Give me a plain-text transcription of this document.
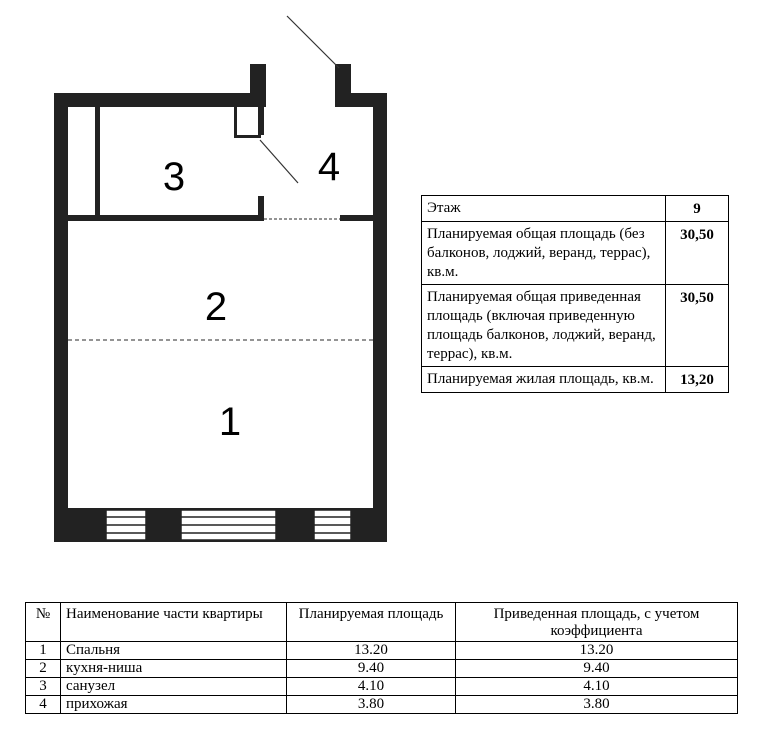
1
2
3	4
Этаж	9
Планируемая общая площадь (без балконов, лоджий, веранд, террас), кв.м.	30,50
Планируемая общая приведенная площадь (включая приведенную площадь балконов, лоджий, веранд, террас), кв.м.	30,50
Планируемая жилая площадь, кв.м.	13,20
№	Наименование части квартиры	Планируемая площадь	Приведенная площадь, с учетом коэффициента
1	Спальня	13.20	13.20
2	кухня-ниша	9.40	9.40
3	санузел	4.10	4.10
4	прихожая	3.80	3.80
